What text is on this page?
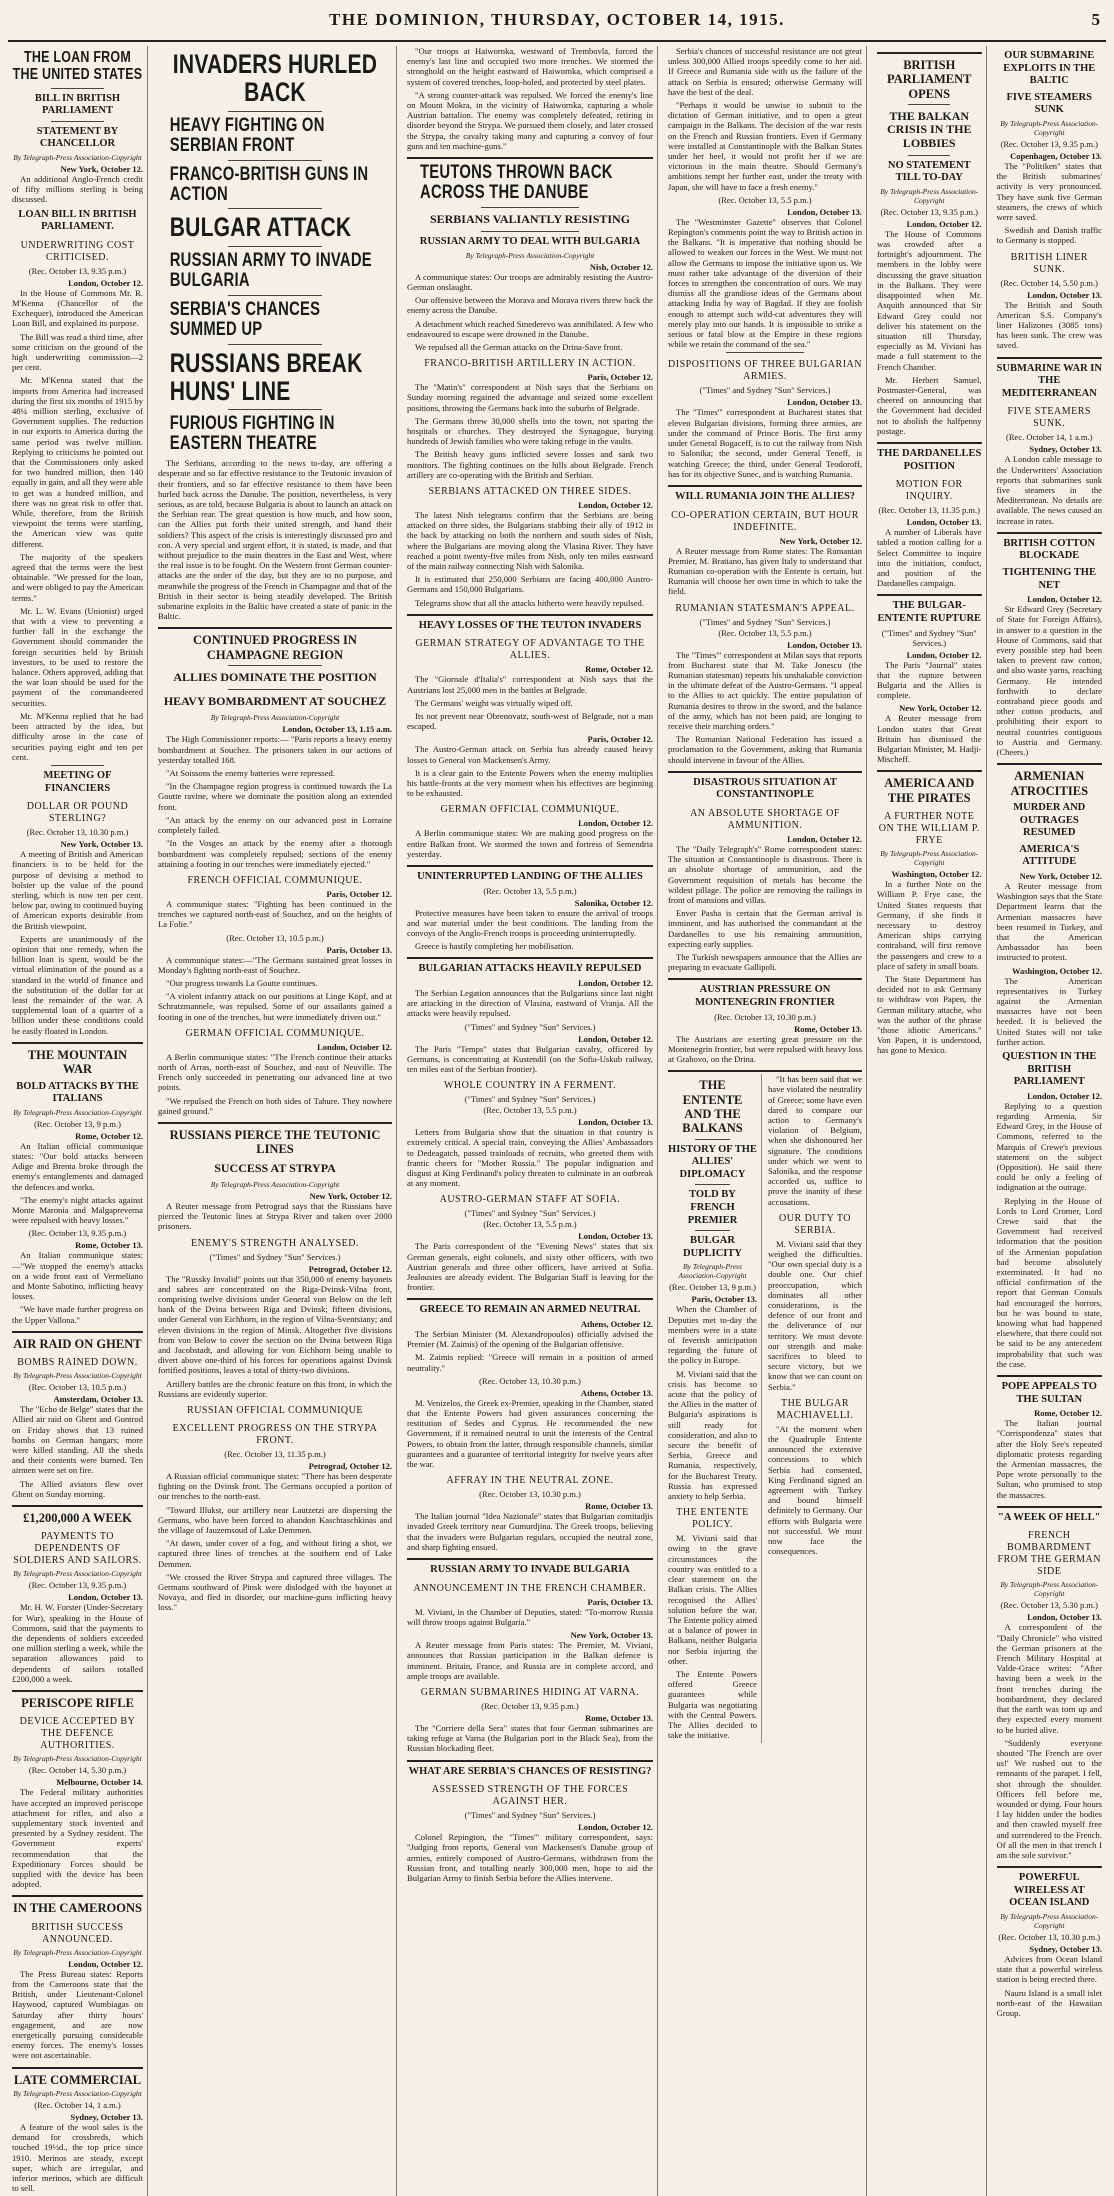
THE DOMINION, THURSDAY, OCTOBER 14, 1915.	5
THE LOAN FROM THE UNITED STATES
BILL IN BRITISH PARLIAMENT
STATEMENT BY CHANCELLOR
By Telegraph-Press Association-Copyright
New York, October 12.

An additional Anglo-French credit of fifty millions sterling is being discussed.

LOAN BILL IN BRITISH PARLIAMENT.
UNDERWRITING COST CRITICISED.
(Rec. October 13, 9.35 p.m.)
London, October 12.

In the House of Commons Mr. R. M'Kenna (Chancellor of the Exchequer), introduced the American Loan Bill, and explained its purpose.

The Bill was read a third time, after some criticism on the ground of the high underwriting commission—2 per cent.

Mr. M'Kenna stated that the imports from America had increased during the first six months of 1915 by 48¼ million sterling, exclusive of Government supplies. The reduction in our exports to America during the same period was twelve million. Replying to criticisms he pointed out that the Commissioners only asked for two hundred million, then 140 equally in gain, and all they were able to get was a hundred million, and there was no great risk to offer that. While, therefore, from the British viewpoint the terms were startling, the American view was quite different.

The majority of the speakers agreed that the terms were the best obtainable. "We pressed for the loan, and were obliged to pay the American terms."

Mr. L. W. Evans (Unionist) urged that with a view to preventing a further fall in the exchange the Government should commander the foreign securities held by British investors, to be used to restore the balance. Others approved, adding that the war loan should be used for the payment of the commandeered securities.

Mr. M'Kenna replied that he had been attracted by the idea, but difficulty arose in the case of securities paying eight and ten per cent.

MEETING OF FINANCIERS
DOLLAR OR POUND STERLING?
(Rec. October 13, 10.30 p.m.)
New York, October 13.

A meeting of British and American financiers is to be held for the purpose of devising a method to bolster up the value of the pound sterling, which is now ten per cent. below par, owing to continued buying of American exports desirable from the British viewpoint.

Experts are unanimously of the opinion that one remedy, when the billion loan is spent, would be the virtual elimination of the pound as a standard in the world of finance and the substitution of the dollar for at least the remainder of the war. A supplemental loan of a quarter of a billion under these conditions could be easily floated in London.

THE MOUNTAIN WAR
BOLD ATTACKS BY THE ITALIANS
By Telegraph-Press Association-Copyright
(Rec. October 13, 9 p.m.)
Rome, October 12.

An Italian official communique states: "Our bold attacks between Adige and Brenta broke through the enemy's entanglements and damaged the defences and works.

"The enemy's night attacks against Monte Maronia and Malgapreverna were repulsed with heavy losses."

(Rec. October 13, 9.35 p.m.)
Rome, October 13.

An Italian communique states:—"We stopped the enemy's attacks on a wide front east of Vermeliano and Monte Sabotino, inflicting heavy losses.

"We have made further progress on the Upper Vallona."

AIR RAID ON GHENT
BOMBS RAINED DOWN.
By Telegraph-Press Association-Copyright
(Rec. October 13, 10.5 p.m.)
Amsterdam, October 13.

The "Echo de Belge" states that the Allied air raid on Ghent and Gontrod on Friday shows that 13 ruined bombs on German hangars; more were killed standing. All the sheds and their contents were burned. Ten airmen were set on fire.

The Allied aviators flew over Ghent on Sunday morning.

£1,200,000 A WEEK
PAYMENTS TO DEPENDENTS OF SOLDIERS AND SAILORS.
By Telegraph-Press Association-Copyright
(Rec. October 13, 9.35 p.m.)
London, October 13.

Mr. H. W. Forster (Under-Secretary for War), speaking in the House of Commons, said that the payments to the dependents of soldiers exceeded one million sterling a week, while the separation allowances paid to dependents of sailors totalled £200,000 a week.

PERISCOPE RIFLE
DEVICE ACCEPTED BY THE DEFENCE AUTHORITIES.
By Telegraph-Press Association-Copyright
(Rec. October 14, 5.30 p.m.)
Melbourne, October 14.

The Federal military authorities have accepted an improved periscope attachment for rifles, and also a supplementary stock invented and presented by a Sydney resident. The Government experts' recommendation that the Expeditionary Forces should be supplied with the device has been adopted.

IN THE CAMEROONS
BRITISH SUCCESS ANNOUNCED.
By Telegraph-Press Association-Copyright
London, October 12.

The Press Bureau states: Reports from the Cameroons state that the British, under Lieutenant-Colonel Haywood, captured Wumbiagas on Saturday after thirty hours' engagement, and are now energetically pursuing considerable enemy forces. The enemy's losses were not ascertainable.

LATE COMMERCIAL
By Telegraph-Press Association-Copyright
(Rec. October 14, 1 a.m.)
Sydney, October 13.

A feature of the wool sales is the demand for crossbreds, which touched 19½d., the top price since 1910. Merinos are steady, except super, which are irregular, and inferior merinos, which are difficult to sell.

INVADERS HURLED BACK
HEAVY FIGHTING ON SERBIAN FRONT
FRANCO-BRITISH GUNS IN ACTION
BULGAR ATTACK
RUSSIAN ARMY TO INVADE BULGARIA
SERBIA'S CHANCES SUMMED UP
RUSSIANS BREAK HUNS' LINE
FURIOUS FIGHTING IN EASTERN THEATRE

The Serbians, according to the news to-day, are offering a desperate and so far effective resistance to the Teutonic invasion of their frontiers, and so far effective resistance to them have been hurled back across the Danube. The position, nevertheless, is very serious, as are told, because Bulgaria is about to launch an attack on the Serbian rear. The great question is how much, and how soon, can the Allies put forth their united strength, and hand their soldiers? This aspect of the crisis is interestingly discussed pro and con. A very special and urgent effort, it is stated, is made, and that without prejudice to the main theatres in the East and West, where the real issue is to be fought. On the Western front German counter-attacks are the order of the day, but they are to no purpose, and meanwhile the progress of the French in Champagne and that of the British in their sector is being steadily developed. The British submarine exploits in the Baltic have created a state of panic in the Baltic.

CONTINUED PROGRESS IN CHAMPAGNE REGION
ALLIES DOMINATE THE POSITION
HEAVY BOMBARDMENT AT SOUCHEZ
By Telegraph-Press Association-Copyright
London, October 13, 1.15 a.m.

The High Commissioner reports:— "Paris reports a heavy enemy bombardment at Souchez. The prisoners taken in our actions of yesterday totalled 168.

"At Soissons the enemy batteries were repressed.

"In the Champagne region progress is continued towards the La Goutte ravine, where we dominate the position along an extended front.

"An attack by the enemy on our advanced post in Lorraine completely failed.

"In the Vosges an attack by the enemy after a thorough bombardment was completely repulsed; sections of the enemy attaining a footing in our trenches were immediately ejected."

FRENCH OFFICIAL COMMUNIQUE.
Paris, October 12.

A communique states: "Fighting has been continued in the trenches we captured north-east of Souchez, and on the heights of La Folie."

(Rec. October 13, 10.5 p.m.)
Paris, October 13.

A communique states:—"The Germans sustained great losses in Monday's fighting north-east of Souchez.

"Our progress towards La Goutte continues.

"A violent infantry attack on our positions at Linge Kopf, and at Schratzmannele, was repulsed. Some of our assailants gained a footing in one of the trenches, but were immediately driven out."

GERMAN OFFICIAL COMMUNIQUE.
London, October 12.

A Berlin communique states: "The French continue their attacks north of Arras, north-east of Souchez, and east of Neuville. The French only succeeded in penetrating our advanced line at two points.

"We repulsed the French on both sides of Tahure. They nowhere gained ground."

RUSSIANS PIERCE THE TEUTONIC LINES
SUCCESS AT STRYPA
By Telegraph-Press Association-Copyright
New York, October 12.

A Reuter message from Petrograd says that the Russians have pierced the Teutonic lines at Strypa River and taken over 2000 prisoners.

ENEMY'S STRENGTH ANALYSED.
("Times" and Sydney "Sun" Services.)
Petrograd, October 12.

The "Russky Invalid" points out that 350,000 of enemy bayonets and sabres are concentrated on the Riga-Dvinsk-Vilna front, comprising twelve divisions under General von Below on the left bank of the Dvina between Riga and Dvinsk; fifteen divisions, under General von Eichhorn, in the region of Vilna-Sventsiany; and eleven divisions in the region of Minsk. Altogether five divisions from von Below to cover the section on the Dvina between Riga and Jacobstadt, and allowing for von Eichhorn being unable to divert above one-third of his forces for operations against Dvinsk fortified positions, leaves a total of thirty-two divisions.

Artillery battles are the chronic feature on this front, in which the Russians are evidently superior.

RUSSIAN OFFICIAL COMMUNIQUE
EXCELLENT PROGRESS ON THE STRYPA FRONT.
(Rec. October 13, 11.35 p.m.)
Petrograd, October 12.

A Russian official communique states: "There has been desperate fighting on the Dvinsk front. The Germans occupied a portion of our trenches to the north-east.

"Toward Illukst, our artillery near Lautzetzi are dispersing the Germans, who have been forced to abandon Kaschtaschkinas and the village of Jauzemsoud of Lake Demmen.

"At dawn, under cover of a fog, and without firing a shot, we captured three lines of trenches at the southern end of Lake Demmen.

"We crossed the River Strypa and captured three villages. The Germans southward of Pinsk were dislodged with the bayonet at Novaya, and fled in disorder, our machine-guns inflicting heavy loss."

"Our troops at Haiwornka, westward of Trembovla, forced the enemy's last line and occupied two more trenches. We stormed the stronghold on the height eastward of Haiwornka, which comprised a system of covered trenches, loop-holed, and protected by steel plates.

"A strong counter-attack was repulsed. We forced the enemy's line on Mount Mokra, in the vicinity of Haiwornka, capturing a whole Austrian battalion. The enemy was completely defeated, retiring in disorder beyond the Strypa. We pursued them closely, and later crossed the Strypa, the cavalry taking many and capturing a convoy of four guns and ten machine-guns."

TEUTONS THROWN BACK ACROSS THE DANUBE
SERBIANS VALIANTLY RESISTING
RUSSIAN ARMY TO DEAL WITH BULGARIA
By Telegraph-Press Association-Copyright
Nish, October 12.

A communique states: Our troops are admirably resisting the Austro-German onslaught.

Our offensive between the Morava and Morava rivers threw back the enemy across the Danube.

A detachment which reached Smederevo was annihilated. A few who endeavoured to escape were drowned in the Danube.

We repulsed all the German attacks on the Drina-Save front.

FRANCO-BRITISH ARTILLERY IN ACTION.
Paris, October 12.

The "Matin's" correspondent at Nish says that the Serbians on Sunday morning regained the advantage and seized some excellent positions, throwing the Germans back into the suburbs of Belgrade.

The Germans threw 30,000 shells into the town, not sparing the hospitals or churches. They destroyed the Synagogue, burying hundreds of Jewish families who were taking refuge in the vaults.

The British heavy guns inflicted severe losses and sank two monitors. The fighting continues on the hills about Belgrade. French artillery are co-operating with the British and Serbian.

SERBIANS ATTACKED ON THREE SIDES.
London, October 12.

The latest Nish telegrams confirm that the Serbians are being attacked on three sides, the Bulgarians stabbing their ally of 1912 in the back by attacking on both the northern and south sides of Nish, where the Bulgarians are moving along the Vlasina River. They have reached a point twenty-five miles from Nish, only ten miles eastward of the main railway connecting Nish with Salonika.

It is estimated that 250,000 Serbians are facing 400,000 Austro-Germans and 150,000 Bulgarians.

Telegrams show that all the attacks hitherto were heavily repulsed.

HEAVY LOSSES OF THE TEUTON INVADERS
GERMAN STRATEGY OF ADVANTAGE TO THE ALLIES.
Rome, October 12.

The "Giornale d'Italia's" correspondent at Nish says that the Austrians lost 25,000 men in the battles at Belgrade.

The Germans' weight was virtually wiped off.

Its not prevent near Obrenovatz, south-west of Belgrade, not a man escaped.

Paris, October 12.

The Austro-German attack on Serbia has already caused heavy losses to General von Mackensen's Army.

It is a clear gain to the Entente Powers when the enemy multiplies his battle-fronts at the very moment when his effectives are beginning to be exhausted.

GERMAN OFFICIAL COMMUNIQUE.
London, October 12.

A Berlin communique states: We are making good progress on the entire Balkan front. We stormed the town and fortress of Semendria yesterday.

UNINTERRUPTED LANDING OF THE ALLIES
(Rec. October 13, 5.5 p.m.)
Salonika, October 12.

Protective measures have been taken to ensure the arrival of troops and war material under the best conditions. The landing from the convoys of the Anglo-French troops is proceeding uninterruptedly.

Greece is hastily completing her mobilisation.

BULGARIAN ATTACKS HEAVILY REPULSED
London, October 12.

The Serbian Legation announces that the Bulgarians since last night are attacking in the direction of Vlasina, eastward of Vranja. All the attacks were heavily repulsed.

("Times" and Sydney "Sun" Services.)
London, October 12.

The Paris "Temps" states that Bulgarian cavalry, officered by Germans, is concentrating at Kustendil (on the Sofia-Uskub railway, ten miles east of the Serbian frontier).

WHOLE COUNTRY IN A FERMENT.
("Times" and Sydney "Sun" Services.)
(Rec. October 13, 5.5 p.m.)
London, October 13.

Letters from Bulgaria show that the situation in that country is extremely critical. A special train, conveying the Allies' Ambassadors to Dedeagatch, passed trainloads of recruits, who greeted them with frantic cheers for "Mother Russia." The popular indignation and disgust at King Ferdinand's policy threaten to culminate in an outbreak at any moment.

AUSTRO-GERMAN STAFF AT SOFIA.
("Times" and Sydney "Sun" Services.)
(Rec. October 13, 5.5 p.m.)
London, October 13.

The Paris correspondent of the "Evening News" states that six German generals, eight colonels, and sixty other officers, with two Austrian generals and three other officers, have arrived at Sofia. Jealousies are already evident. The Bulgarian Staff is leaving for the frontier.

GREECE TO REMAIN AN ARMED NEUTRAL
Athens, October 12.

The Serbian Minister (M. Alexandropoulos) officially advised the Premier (M. Zaimis) of the opening of the Bulgarian offensive.

M. Zaimis replied: "Greece will remain in a position of armed neutrality."

(Rec. October 13, 10.30 p.m.)
Athens, October 13.

M. Venizelos, the Greek ex-Premier, speaking in the Chamber, stated that the Entente Powers had given assurances concerning the restitution of Sedes and Cyprus. He recommended the new Government, if it remained neutral to unit the interests of the Central Powers, to obtain from the latter, through responsible channels, similar guarantees and a guarantee of territorial integrity for twelve years after the war.

AFFRAY IN THE NEUTRAL ZONE.
(Rec. October 13, 10.30 p.m.)
Rome, October 13.

The Italian journal "Idea Nazionale" states that Bulgarian comitadjis invaded Greek territory near Gumurdjina. The Greek troops, believing that the invaders were Bulgarian regulars, occupied the neutral zone, and sharp fighting ensued.

RUSSIAN ARMY TO INVADE BULGARIA
ANNOUNCEMENT IN THE FRENCH CHAMBER.
Paris, October 13.

M. Viviani, in the Chamber of Deputies, stated: "To-morrow Russia will throw troops against Bulgaria."

New York, October 13.

A Reuter message from Paris states: The Premier, M. Viviani, announces that Russian participation in the Balkan defence is imminent. Britain, France, and Russia are in complete accord, and ample troops are available.

GERMAN SUBMARINES HIDING AT VARNA.
(Rec. October 13, 9.35 p.m.)
Rome, October 13.

The "Corriere della Sera" states that four German submarines are taking refuge at Varna (the Bulgarian port in the Black Sea), from the Russian blockading fleet.

WHAT ARE SERBIA'S CHANCES OF RESISTING?
ASSESSED STRENGTH OF THE FORCES AGAINST HER.
("Times" and Sydney "Sun" Services.)
London, October 12.

Colonel Repington, the "Times'" military correspondent, says: "Judging from reports, General von Mackensen's Danube group of armies, entirely composed of Austro-Germans, withdrawn from the Russian front, and totalling nearly 300,000 men, hope to aid the Bulgarian Army to finish Serbia before the Allies intervene.

Serbia's chances of successful resistance are not great unless 300,000 Allied troops speedily come to her aid. If Greece and Rumania side with us the failure of the attack on Serbia is ensured; otherwise Germany will have the best of the deal.

"Perhaps it would be unwise to submit to the dictation of German initiative, and to open a great campaign in the Balkans. The decision of the war rests on the French and Russian frontiers. Even if Germany were installed at Constantinople with the Balkan States under her heel, it would not profit her if we are victorious in the main theatre. Should Germany's ambitions tempt her further east, under the treaty with Japan, she will have to face a fresh enemy."

(Rec. October 13, 5.5 p.m.)
London, October 13.

The "Westminster Gazette" observes that Colonel Repington's comments point the way to British action in the Balkans. "It is imperative that nothing should be allowed to weaken our forces in the West. We must not allow the Germans to impose the initiative upon us. We must rather take advantage of the diversion of their forces to strengthen the concentration of ours. We may dismiss all the grandiose ideas of the Germans about attacking India by way of Bagdad. If they are foolish enough to attempt such wild-cat adventures they will merely play into our hands. It is impossible to strike a serious or fatal blow at the Empire in these regions while we retain the command of the sea."

DISPOSITIONS OF THREE BULGARIAN ARMIES.
("Times" and Sydney "Sun" Services.)
London, October 13.

The "Times'" correspondent at Bucharest states that eleven Bulgarian divisions, forming three armies, are under the command of Prince Boris. The first army under General Bogaceff, is to cut the railway from Nish to Salonika; the second, under General Teneff, is watching Greece; the third, under General Teodoroff, has for its objective Sunec, and is watching Rumania.

WILL RUMANIA JOIN THE ALLIES?
CO-OPERATION CERTAIN, BUT HOUR INDEFINITE.
New York, October 12.

A Reuter message from Rome states: The Rumanian Premier, M. Bratiano, has given Italy to understand that Rumanian co-operation with the Entente is certain, but Rumania will choose her own time in which to take the field.

RUMANIAN STATESMAN'S APPEAL.
("Times" and Sydney "Sun" Services.)
(Rec. October 13, 5.5 p.m.)
London, October 13.

The "Times'" correspondent at Milan says that reports from Bucharest state that M. Take Jonescu (the Rumanian statesman) repeats his unshakable conviction in the ultimate defeat of the Austro-Germans. "I appeal to the Allies to act quickly. The entire population of Rumania desires to throw in the sword, and the balance of the army, which has not been paid, are longing to receive their marching orders."

The Rumanian National Federation has issued a proclamation to the Government, asking that Rumania should intervene in favour of the Allies.

DISASTROUS SITUATION AT CONSTANTINOPLE
AN ABSOLUTE SHORTAGE OF AMMUNITION.
London, October 12.

The "Daily Telegraph's" Rome correspondent states: The situation at Constantinople is disastrous. There is an absolute shortage of ammunition, and the Government requisition of metals has become the wildest pillage. The police are removing the railings in front of mansions and villas.

Enver Pasha is certain that the German arrival is imminent, and has authorised the commandant at the Dardanelles to use his remaining ammunition, expecting early supplies.

The Turkish newspapers announce that the Allies are preparing to evacuate Gallipoli.

AUSTRIAN PRESSURE ON MONTENEGRIN FRONTIER
(Rec. October 13, 10.30 p.m.)
Rome, October 13.

The Austrians are exerting great pressure on the Montenegrin frontier, but were repulsed with heavy loss at Grahovo, on the Drina.

THE ENTENTE AND THE BALKANS
HISTORY OF THE ALLIES' DIPLOMACY
TOLD BY FRENCH PREMIER
BULGAR DUPLICITY
By Telegraph-Press Association-Copyright
(Rec. October 13, 9 p.m.)
Paris, October 13.

When the Chamber of Deputies met to-day the members were in a state of feverish anticipation regarding the future of the policy in Europe.

M. Viviani said that the crisis has become so acute that the policy of the Allies in the matter of Bulgaria's aspirations is still ready for consideration, and also to secure the benefit of Serbia, Greece and Rumania, respectively, for the Bucharest Treaty. Russia has expressed anxiety to help Serbia.

THE ENTENTE POLICY.

M. Viviani said that owing to the grave circumstances the country was entitled to a clear statement on the Balkan crisis. The Allies recognised the Allies' solution before the war. The Entente policy aimed at a balance of power in Balkans, neither Bulgaria nor Serbia injuring the other.

The Entente Powers offered Greece guarantees while Bulgaria was negotiating with the Central Powers. The Allies decided to take the initiative.

"It has been said that we have violated the neutrality of Greece; some have even dared to compare our action to Germany's violation of Belgium, when she dishonoured her signature. The conditions under which we went to Salonika, and the response accorded us, suffice to prove the inanity of these accusations.

OUR DUTY TO SERBIA.

M. Viviani said that they weighed the difficulties. "Our own special duty is a double one. Our chief preoccupation, which dominates all other considerations, is the defence of our front and the deliverance of our territory. We must devote our strength and make sacrifices to bleed to secure victory, but we know that we can count on Serbia."

THE BULGAR MACHIAVELLI.

"At the moment when the Quadruple Entente announced the extensive concessions to which Serbia had consented, King Ferdinand signed an agreement with Turkey and bound himself definitely to Germany. Our efforts with Bulgaria were not successful. We must now face the consequences.

BRITISH PARLIAMENT OPENS
THE BALKAN CRISIS IN THE LOBBIES
NO STATEMENT TILL TO-DAY
By Telegraph-Press Association-Copyright
(Rec. October 13, 9.35 p.m.)
London, October 12.

The House of Commons was crowded after a fortnight's adjournment. The members in the lobby were discussing the grave situation in the Balkans. They were disappointed when Mr. Asquith announced that Sir Edward Grey could not deliver his statement on the situation till Thursday, especially as M. Viviani has made a full statement to the French Chamber.

Mr. Herbert Samuel, Postmaster-General, was cheered on announcing that the Government had decided not to abolish the halfpenny postage.

THE DARDANELLES POSITION
MOTION FOR INQUIRY.
(Rec. October 13, 11.35 p.m.)
London, October 13.

A number of Liberals have tabled a motion calling for a Select Committee to inquire into the initiation, conduct, and position of the Dardanelles campaign.

THE BULGAR-ENTENTE RUPTURE
("Times" and Sydney "Sun" Services.)
London, October 12.

The Paris "Journal" states that the rupture between Bulgaria and the Allies is complete.

New York, October 12.

A Reuter message from London states that Great Britain has dismissed the Bulgarian Minister, M. Hadji-Mischeff.

AMERICA AND THE PIRATES
A FURTHER NOTE ON THE WILLIAM P. FRYE
By Telegraph-Press Association-Copyright
Washington, October 12.

In a further Note on the William P. Frye case, the United States requests that Germany, if she finds it necessary to destroy American ships carrying contraband, will first remove the passengers and crew to a place of safety in small boats.

The State Department has decided not to ask Germany to withdraw von Papen, the German military attache, who was the author of the phrase "those idiotic Americans." Von Papen, it is understood, has gone to Mexico.

OUR SUBMARINE EXPLOITS IN THE BALTIC
FIVE STEAMERS SUNK
By Telegraph-Press Association-Copyright
(Rec. October 13, 9.35 p.m.)
Copenhagen, October 13.

The "Politiken" states that the British submarines' activity is very pronounced. They have sunk five German steamers, the crews of which were saved.

Swedish and Danish traffic to Germany is stopped.

BRITISH LINER SUNK.
(Rec. October 14, 5.50 p.m.)
London, October 13.

The British and South American S.S. Company's liner Halizones (3085 tons) has been sunk. The crew was saved.

SUBMARINE WAR IN THE MEDITERRANEAN
FIVE STEAMERS SUNK.
(Rec. October 14, 1 a.m.)
Sydney, October 13.

A London cable message to the Underwriters' Association reports that submarines sunk five steamers in the Mediterranean. No details are available. The news caused an increase in rates.

BRITISH COTTON BLOCKADE
TIGHTENING THE NET
London, October 12.

Sir Edward Grey (Secretary of State for Foreign Affairs), in answer to a question in the House of Commons, said that every possible step had been taken to prevent raw cotton, and also waste yarns, reaching Germany. He intended forthwith to declare contraband piece goods and other cotton products, and prohibiting their export to neutral countries contiguous to Austria and Germany. (Cheers.)

ARMENIAN ATROCITIES
MURDER AND OUTRAGES RESUMED
AMERICA'S ATTITUDE
New York, October 12.

A Reuter message from Washington says that the State Department learns that the Armenian massacres have been resumed in Turkey, and that the American Ambassador has been instructed to protest.

Washington, October 12.

The American representatives in Turkey against the Armenian massacres have not been heeded. It is believed the United States will not take further action.

QUESTION IN THE BRITISH PARLIAMENT
London, October 12.

Replying to a question regarding Armenia, Sir Edward Grey, in the House of Commons, referred to the Marquis of Crewe's previous statement on the subject (Opposition). He said there could be only a feeling of indignation at the outrage.

Replying in the House of Lords to Lord Cromer, Lord Crewe said that the Government had received information that the position of the Armenian population had become absolutely exterminated. It had no official confirmation of the report that German Consuls had encouraged the horrors, but he was bound to state, knowing what had happened elsewhere, that there could not be said to be any antecedent improbability that such was the case.

POPE APPEALS TO THE SULTAN
Rome, October 12.

The Italian journal "Corrispondenza" states that after the Holy See's repeated diplomatic protests regarding the Armenian massacres, the Pope wrote personally to the Sultan, who promised to stop the massacres.

"A WEEK OF HELL"
FRENCH BOMBARDMENT FROM THE GERMAN SIDE
By Telegraph-Press Association-Copyright
(Rec. October 13, 5.30 p.m.)
London, October 13.

A correspondent of the "Daily Chronicle" who visited the German prisoners at the French Military Hospital at Valde-Grace writes: "After having been a week in the front trenches during the bombardment, they declared that the earth was torn up and they expected every moment to be buried alive.

"Suddenly everyone shouted 'The French are over us!' We rushed out to the remnants of the parapet. I fell, shot through the shoulder. Officers fell before me, wounded or dying. Four hours I lay hidden under the bodies and then crawled myself free and surrendered to the French. Of all the men in that trench I am the sole survivor."

POWERFUL WIRELESS AT OCEAN ISLAND
By Telegraph-Press Association-Copyright
(Rec. October 13, 10.30 p.m.)
Sydney, October 13.

Advices from Ocean Island state that a powerful wireless station is being erected there.

Nauru Island is a small islet north-east of the Hawaiian Group.
